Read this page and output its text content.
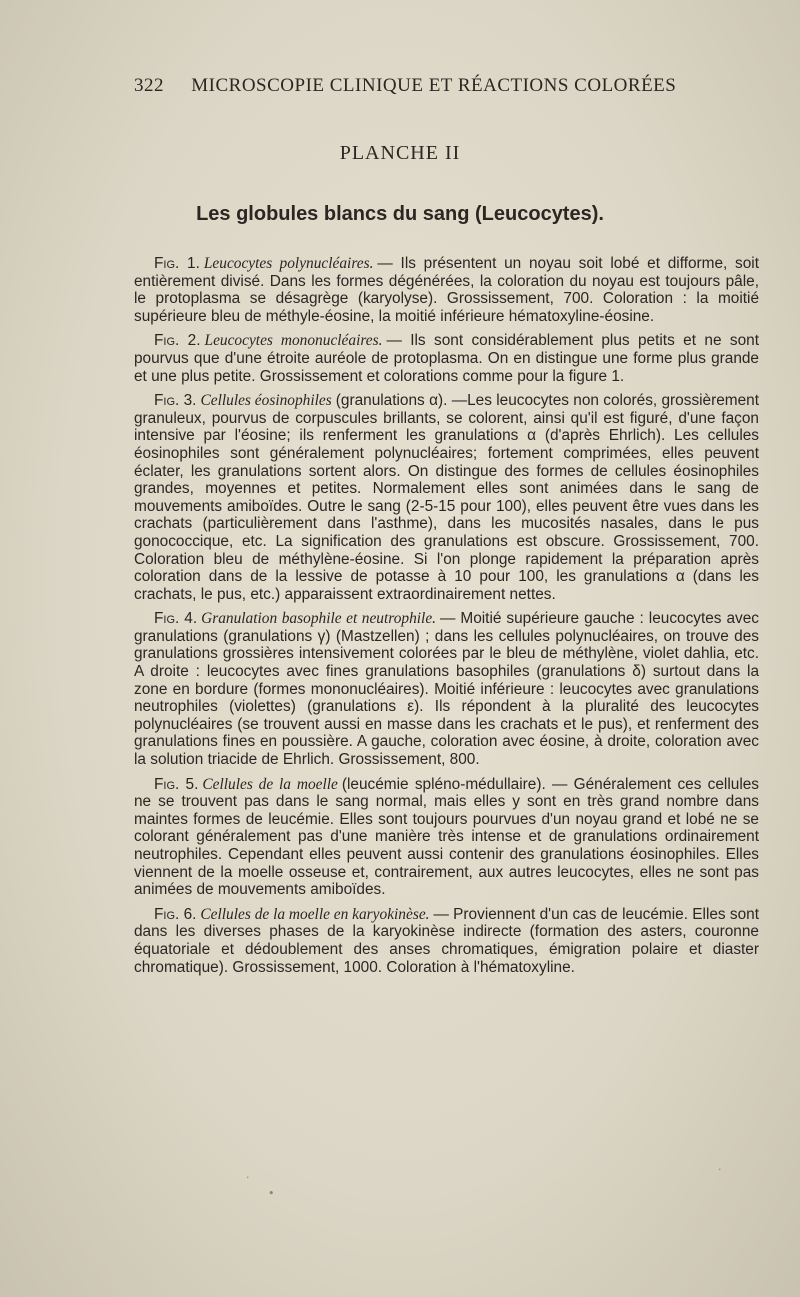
322 MICROSCOPIE CLINIQUE ET RÉACTIONS COLORÉES
PLANCHE II
Les globules blancs du sang (Leucocytes).

Fig. 1. Leucocytes polynucléaires. — Ils présentent un noyau soit lobé et difforme, soit entièrement divisé. Dans les formes dégénérées, la coloration du noyau est toujours pâle, le protoplasma se désagrège (karyolyse). Grossissement, 700. Coloration : la moitié supérieure bleu de méthyle-éosine, la moitié inférieure hématoxyline-éosine.

Fig. 2. Leucocytes mononucléaires. — Ils sont considérablement plus petits et ne sont pourvus que d'une étroite auréole de protoplasma. On en distingue une forme plus grande et une plus petite. Grossissement et colorations comme pour la figure 1.

Fig. 3. Cellules éosinophiles (granulations α). —Les leucocytes non colorés, grossièrement granuleux, pourvus de corpuscules brillants, se colorent, ainsi qu'il est figuré, d'une façon intensive par l'éosine; ils renferment les granulations α (d'après Ehrlich). Les cellules éosinophiles sont généralement polynucléaires; fortement comprimées, elles peuvent éclater, les granulations sortent alors. On distingue des formes de cellules éosinophiles grandes, moyennes et petites. Normalement elles sont animées dans le sang de mouvements amiboïdes. Outre le sang (2-5-15 pour 100), elles peuvent être vues dans les crachats (particulièrement dans l'asthme), dans les mucosités nasales, dans le pus gonococcique, etc. La signification des granulations est obscure. Grossissement, 700. Coloration bleu de méthylène-éosine. Si l'on plonge rapidement la préparation après coloration dans de la lessive de potasse à 10 pour 100, les granulations α (dans les crachats, le pus, etc.) apparaissent extraordinairement nettes.

Fig. 4. Granulation basophile et neutrophile. — Moitié supérieure gauche : leucocytes avec granulations (granulations γ) (Mastzellen) ; dans les cellules polynucléaires, on trouve des granulations grossières intensivement colorées par le bleu de méthylène, violet dahlia, etc. A droite : leucocytes avec fines granulations basophiles (granulations δ) surtout dans la zone en bordure (formes mononucléaires). Moitié inférieure : leucocytes avec granulations neutrophiles (violettes) (granulations ε). Ils répondent à la pluralité des leucocytes polynucléaires (se trouvent aussi en masse dans les crachats et le pus), et renferment des granulations fines en poussière. A gauche, coloration avec éosine, à droite, coloration avec la solution triacide de Ehrlich. Grossissement, 800.

Fig. 5. Cellules de la moelle (leucémie spléno-médullaire). — Généralement ces cellules ne se trouvent pas dans le sang normal, mais elles y sont en très grand nombre dans maintes formes de leucémie. Elles sont toujours pourvues d'un noyau grand et lobé ne se colorant généralement pas d'une manière très intense et de granulations ordinairement neutrophiles. Cependant elles peuvent aussi contenir des granulations éosinophiles. Elles viennent de la moelle osseuse et, contrairement, aux autres leucocytes, elles ne sont pas animées de mouvements amiboïdes.

Fig. 6. Cellules de la moelle en karyokinèse. — Proviennent d'un cas de leucémie. Elles sont dans les diverses phases de la karyokinèse indirecte (formation des asters, couronne équatoriale et dédoublement des anses chromatiques, émigration polaire et diaster chromatique). Grossissement, 1000. Coloration à l'hématoxyline.

•
·
·
